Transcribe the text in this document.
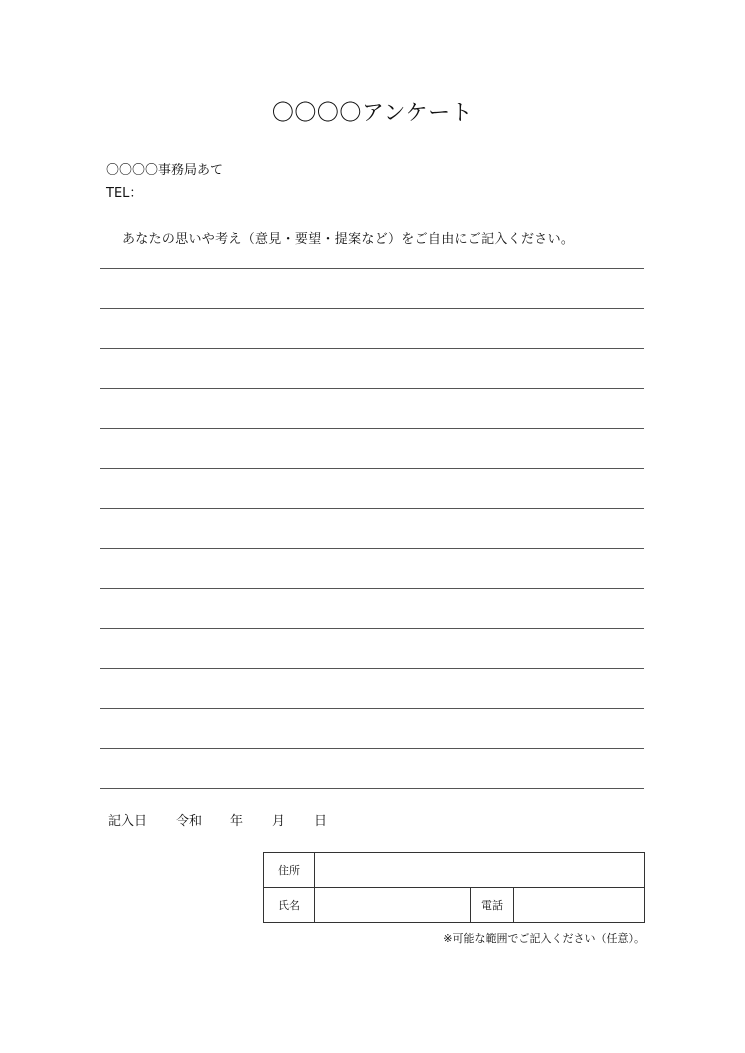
〇〇〇〇アンケート
〇〇〇〇事務局あて
TEL：
あなたの思いや考え（意見・要望・提案など）をご自由にご記入ください。
記入日 令和 年 月 日
住所			
氏名		電話	
※可能な範囲でご記入ください（任意）。
